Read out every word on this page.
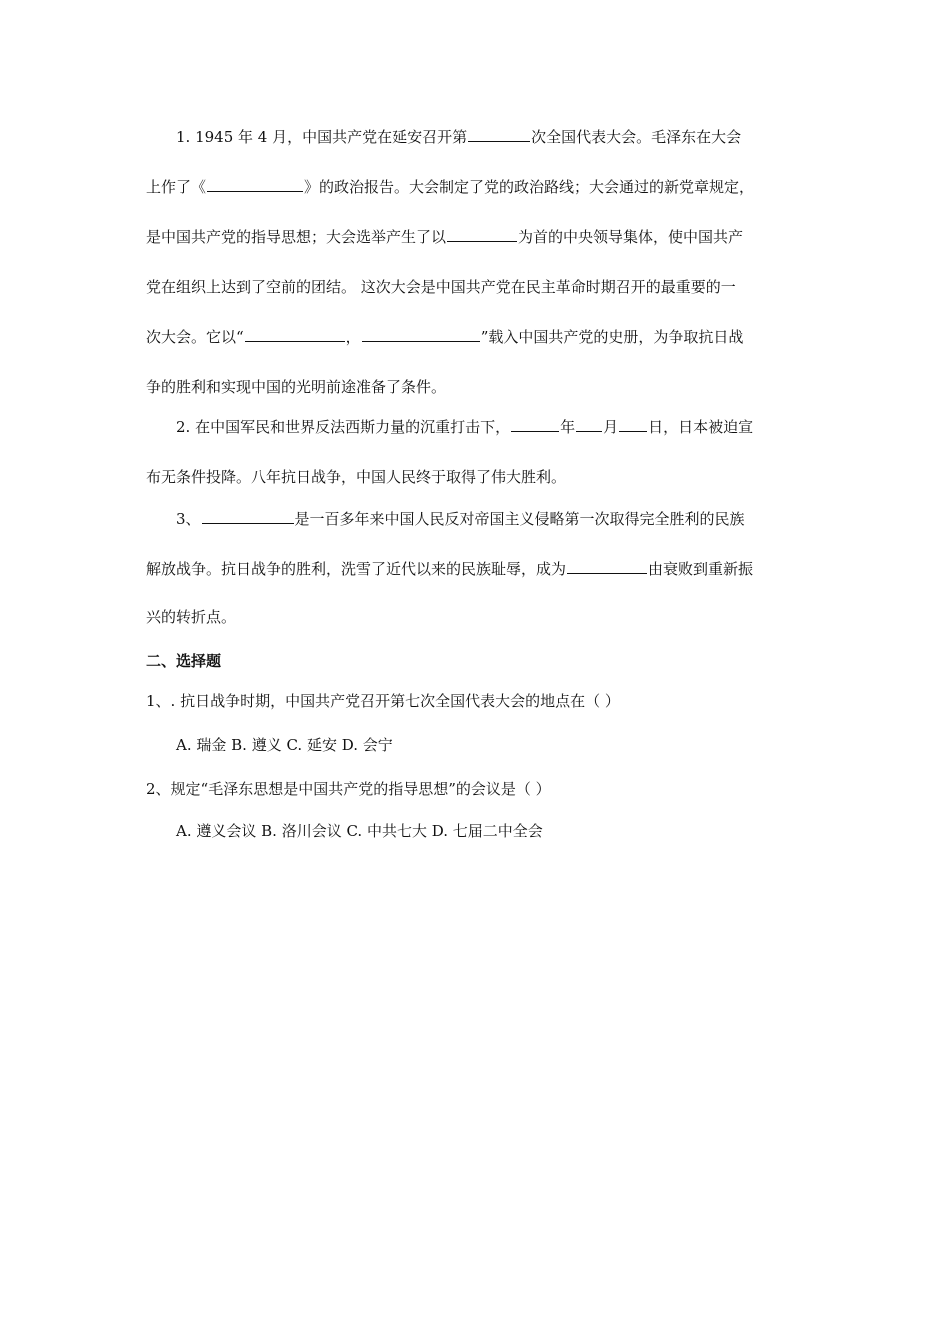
1. 1945 年 4 月，中国共产党在延安召开第	次全国代表大会。毛泽东在大会
上作了《	》的政治报告。大会制定了党的政治路线；大会通过的新党章规定，
是中国共产党的指导思想；大会选举产生了以	为首的中央领导集体，使中国共产
党在组织上达到了空前的团结。 这次大会是中国共产党在民主革命时期召开的最重要的一
次大会。它以“	，	”载入中国共产党的史册，为争取抗日战
争的胜利和实现中国的光明前途准备了条件。
2. 在中国军民和世界反法西斯力量的沉重打击下，	年 月 日，日本被迫宣
布无条件投降。八年抗日战争，中国人民终于取得了伟大胜利。
3、	是一百多年来中国人民反对帝国主义侵略第一次取得完全胜利的民族
解放战争。抗日战争的胜利，洗雪了近代以来的民族耻辱，成为	由衰败到重新振
兴的转折点。
二、选择题
1、. 抗日战争时期，中国共产党召开第七次全国代表大会的地点在（ ）
A. 瑞金 B. 遵义 C. 延安 D. 会宁
2、规定“毛泽东思想是中国共产党的指导思想”的会议是（ ）
A. 遵义会议 B. 洛川会议 C. 中共七大 D. 七届二中全会
